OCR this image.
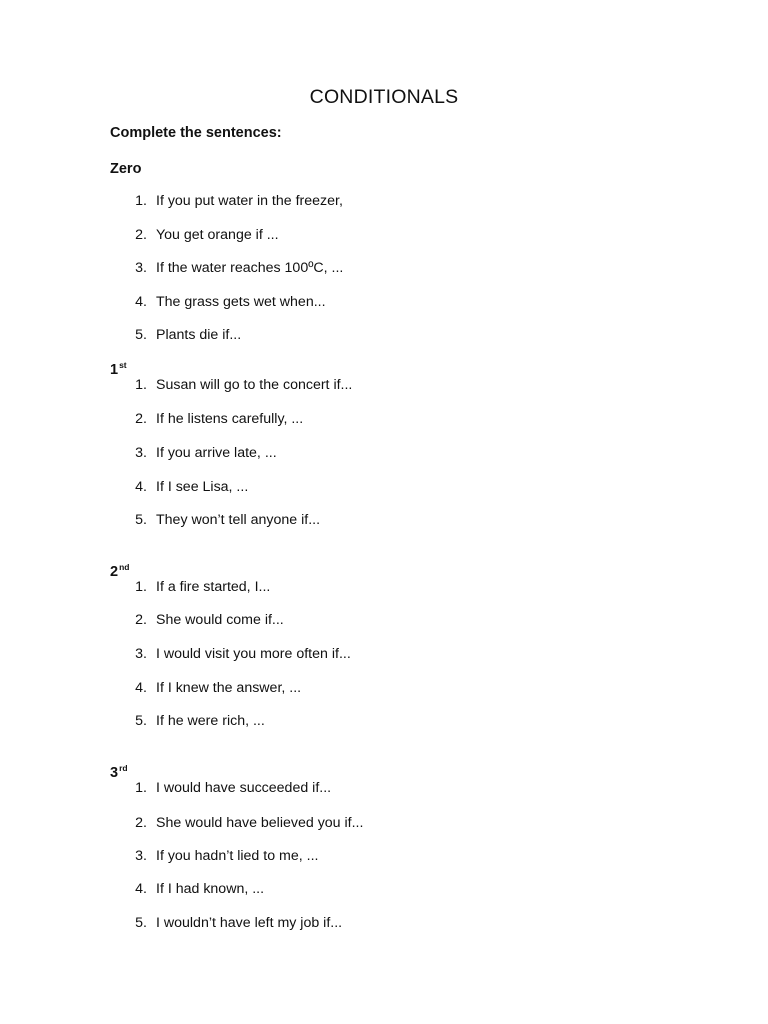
CONDITIONALS
Complete the sentences:
Zero
1. If you put water in the freezer,
2. You get orange if ...
3. If the water reaches 100ºC, ...
4. The grass gets wet when...
5. Plants die if...
1st
1. Susan will go to the concert if...
2. If he listens carefully, ...
3. If you arrive late, ...
4. If I see Lisa, ...
5. They won’t tell anyone if...
2nd
1. If a fire started, I...
2. She would come if...
3. I would visit you more often if...
4. If I knew the answer, ...
5. If he were rich, ...
3rd
1. I would have succeeded if...
2. She would have believed you if...
3. If you hadn’t lied to me, ...
4. If I had known, ...
5. I wouldn’t have left my job if...
